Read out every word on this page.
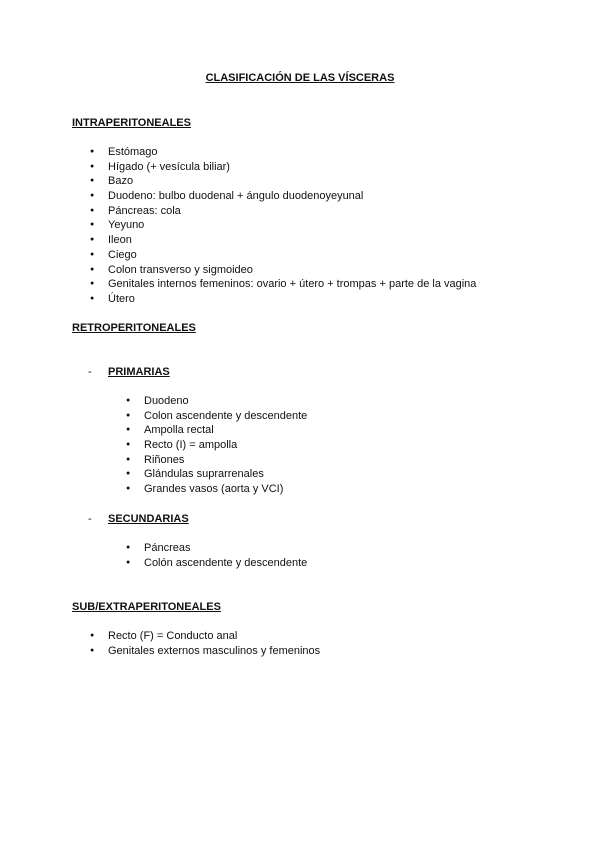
CLASIFICACIÓN DE LAS VÍSCERAS
INTRAPERITONEALES
● Estómago
● Hígado (+ vesícula biliar)
● Bazo
● Duodeno: bulbo duodenal + ángulo duodenoyeyunal
● Páncreas: cola
● Yeyuno
● Ileon
● Ciego
● Colon transverso y sigmoideo
● Genitales internos femeninos: ovario + útero + trompas + parte de la vagina
● Útero
RETROPERITONEALES

- PRIMARIAS

● Duodeno
● Colon ascendente y descendente
● Ampolla rectal
● Recto (I) = ampolla
● Riñones
● Glándulas suprarrenales
● Grandes vasos (aorta y VCI)

- SECUNDARIAS

● Páncreas
● Colón ascendente y descendente
SUB/EXTRAPERITONEALES
● Recto (F) = Conducto anal
● Genitales externos masculinos y femeninos
